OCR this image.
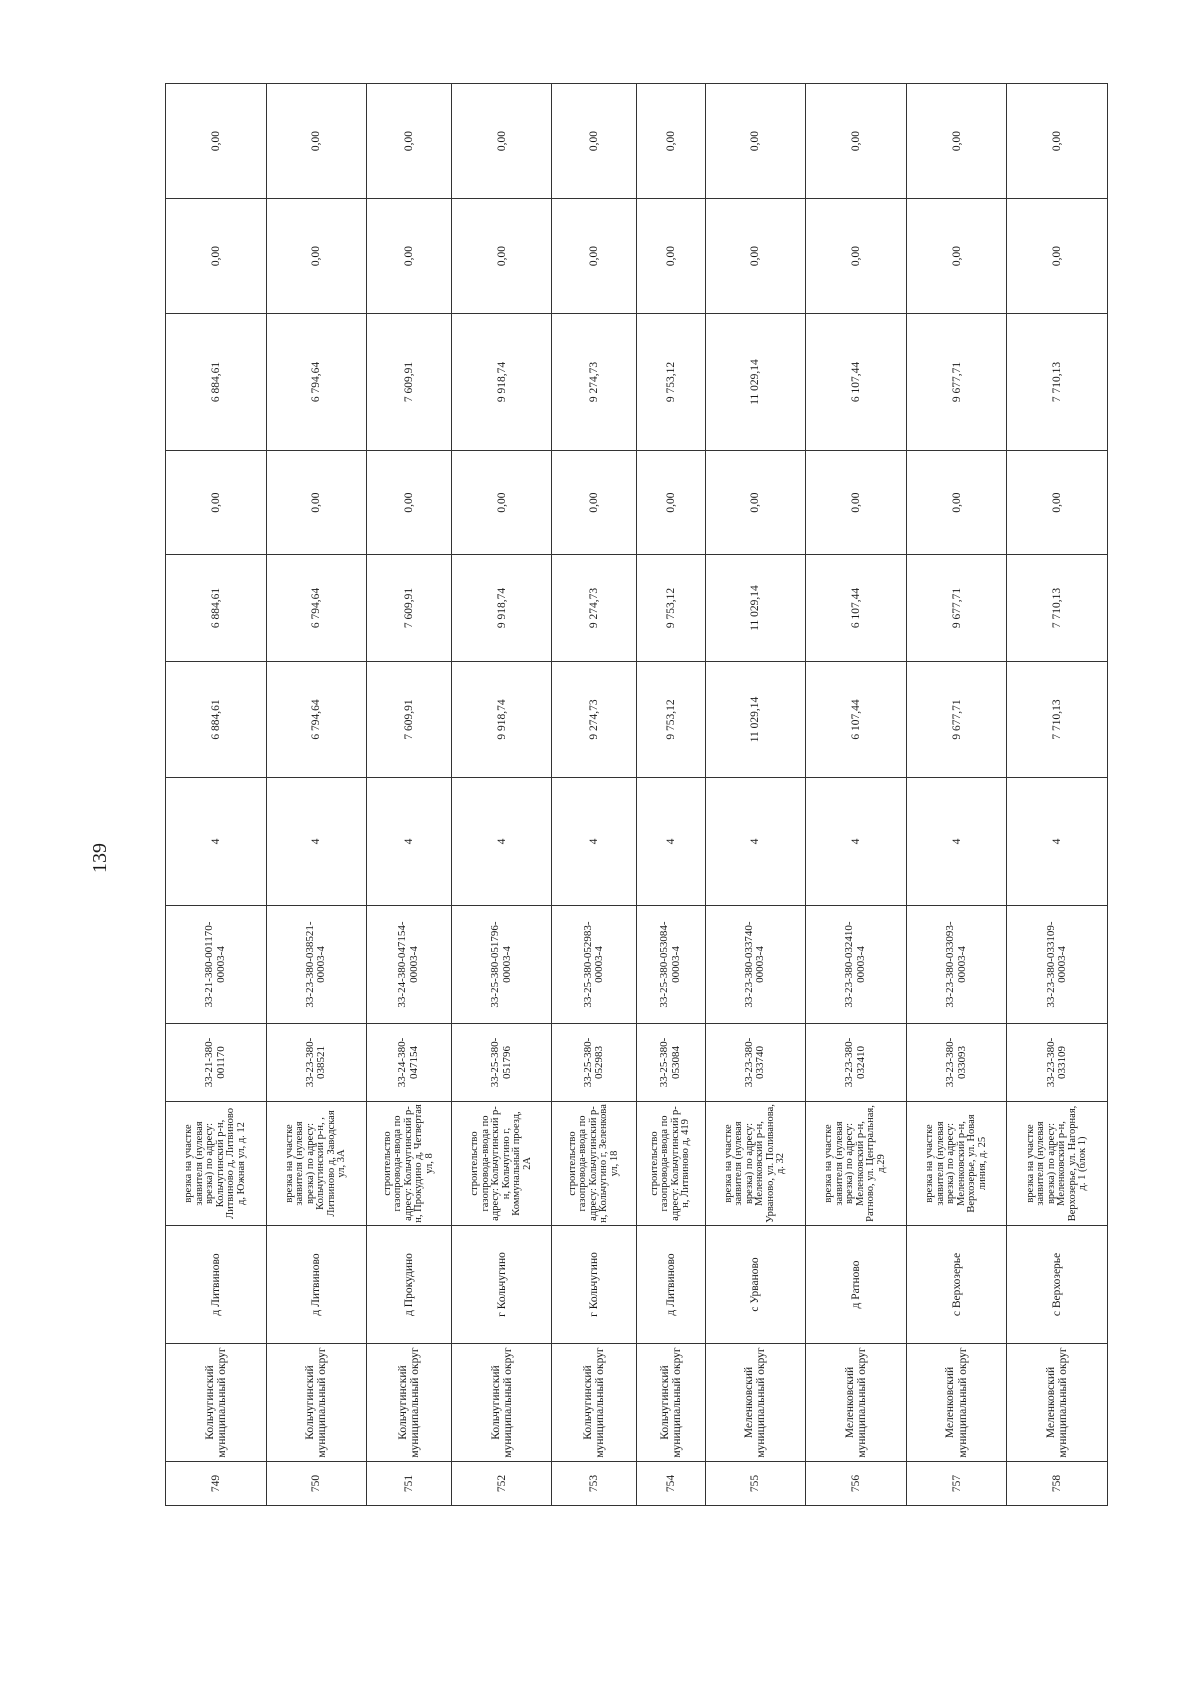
139
749	Кольчугинский муниципальный округ	д Литвиново	врезка на участке заявителя (нулевая врезка) по адресу: Кольчугинский р-н, Литвиново д, Литвиново д, Южная ул, д. 12	33-21-380-001170	33-21-380-001170-00003-4	4	6 884,61	6 884,61	0,00	6 884,61	0,00	0,00
750	Кольчугинский муниципальный округ	д Литвиново	врезка на участке заявителя (нулевая врезка) по адресу: Кольчугинский р-н, , Литвиново д, Заводская ул, 3А	33-23-380-038521	33-23-380-038521-00003-4	4	6 794,64	6 794,64	0,00	6 794,64	0,00	0,00
751	Кольчугинский муниципальный округ	д Прокудино	строительство газопровода-ввода по адресу: Кольчугинский р-н, Прокудино д, Четвертая ул, 8	33-24-380-047154	33-24-380-047154-00003-4	4	7 609,91	7 609,91	0,00	7 609,91	0,00	0,00
752	Кольчугинский муниципальный округ	г Кольчугино	строительство газопровода-ввода по адресу: Кольчугинский р-н, Кольчугино г, Коммунальный проезд, 2А	33-25-380-051796	33-25-380-051796-00003-4	4	9 918,74	9 918,74	0,00	9 918,74	0,00	0,00
753	Кольчугинский муниципальный округ	г Кольчугино	строительство газопровода-ввода по адресу: Кольчугинский р-н, Кольчугино г, Зеленкова ул, 18	33-25-380-052983	33-25-380-052983-00003-4	4	9 274,73	9 274,73	0,00	9 274,73	0,00	0,00
754	Кольчугинский муниципальный округ	д Литвиново	строительство газопровода-ввода по адресу: Кольчугинский р-н, Литвиново д, 419	33-25-380-053084	33-25-380-053084-00003-4	4	9 753,12	9 753,12	0,00	9 753,12	0,00	0,00
755	Меленковский муниципальный округ	с Урваново	врезка на участке заявителя (нулевая врезка) по адресу: Меленковский р-н, Урваново, ул. Поливанова, д. 32	33-23-380-033740	33-23-380-033740-00003-4	4	11 029,14	11 029,14	0,00	11 029,14	0,00	0,00
756	Меленковский муниципальный округ	д Ратново	врезка на участке заявителя (нулевая врезка) по адресу: Меленковский р-н, Ратново, ул. Центральная, д.29	33-23-380-032410	33-23-380-032410-00003-4	4	6 107,44	6 107,44	0,00	6 107,44	0,00	0,00
757	Меленковский муниципальный округ	с Верхозерье	врезка на участке заявителя (нулевая врезка) по адресу: Меленковский р-н, Верхозерье, ул. Новая линия, д. 25	33-23-380-033093	33-23-380-033093-00003-4	4	9 677,71	9 677,71	0,00	9 677,71	0,00	0,00
758	Меленковский муниципальный округ	с Верхозерье	врезка на участке заявителя (нулевая врезка) по адресу: Меленковский р-н, Верхозерье, ул. Нагорная, д. 1 (блок 1)	33-23-380-033109	33-23-380-033109-00003-4	4	7 710,13	7 710,13	0,00	7 710,13	0,00	0,00
